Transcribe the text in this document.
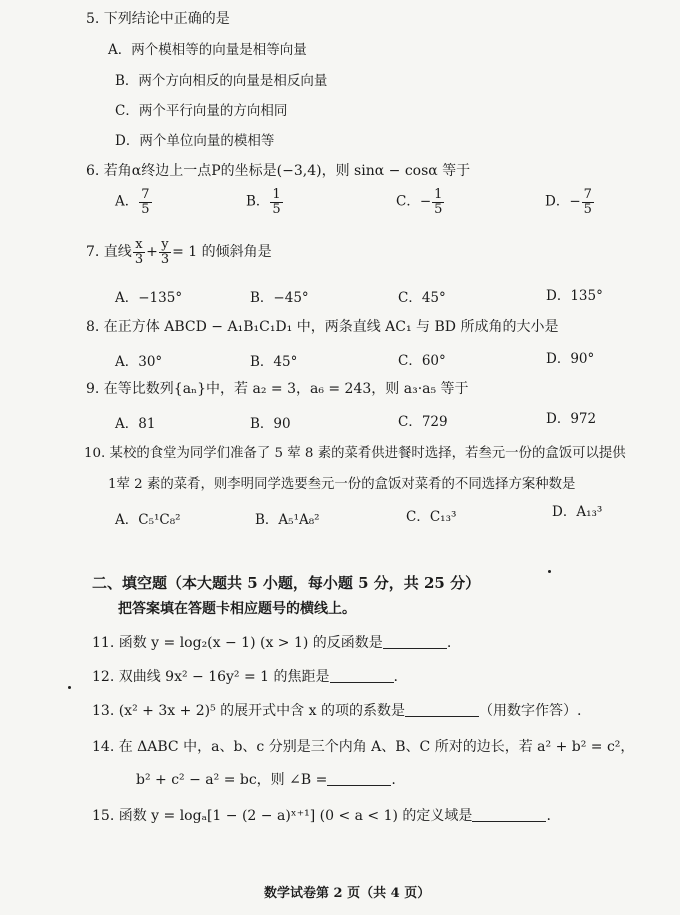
5. 下列结论中正确的是
A．两个模相等的向量是相等向量
B．两个方向相反的向量是相反向量
C．两个平行向量的方向相同
D．两个单位向量的模相等
6. 若角α终边上一点P的坐标是(−3,4)，则 sinα − cosα 等于
A． $\frac{7}{5}$	B． $\frac{1}{5}$	C．− $\frac{1}{5}$	D．− $\frac{7}{5}$
7. 直线 $\frac{x}{3} + \frac{y}{3} = 1$ 的倾斜角是
A．−135°	B．−45°	C．45°	D．135°
8. 在正方体 ABCD − A₁B₁C₁D₁ 中，两条直线 AC₁ 与 BD 所成角的大小是
A．30°	B．45°	C．60°	D．90°
9. 在等比数列{aₙ}中，若 a₂ = 3，a₆ = 243，则 a₃·a₅ 等于
A．81	B．90	C．729	D．972
10. 某校的食堂为同学们准备了 5 荤 8 素的菜肴供进餐时选择，若叁元一份的盒饭可以提供
1荤 2 素的菜肴，则李明同学选要叁元一份的盒饭对菜肴的不同选择方案种数是
A．C₅¹C₈²	B．A₅¹A₈²	C．C₁₃³	D．A₁₃³
二、填空题（本大题共 5 小题，每小题 5 分，共 25 分）
把答案填在答题卡相应题号的横线上。
11. 函数 y = log₂(x − 1) (x > 1) 的反函数是	.
12. 双曲线 9x² − 16y² = 1 的焦距是	.
13. (x² + 3x + 2)⁵ 的展开式中含 x 的项的系数是	（用数字作答）.
14. 在 ΔABC 中，a、b、c 分别是三个内角 A、B、C 所对的边长，若 a² + b² = c²，
b² + c² − a² = bc，则 ∠B =	.
15. 函数 y = logₐ[1 − (2 − a)ˣ⁺¹] (0 < a < 1) 的定义域是	.
数学试卷第 2 页（共 4 页）
